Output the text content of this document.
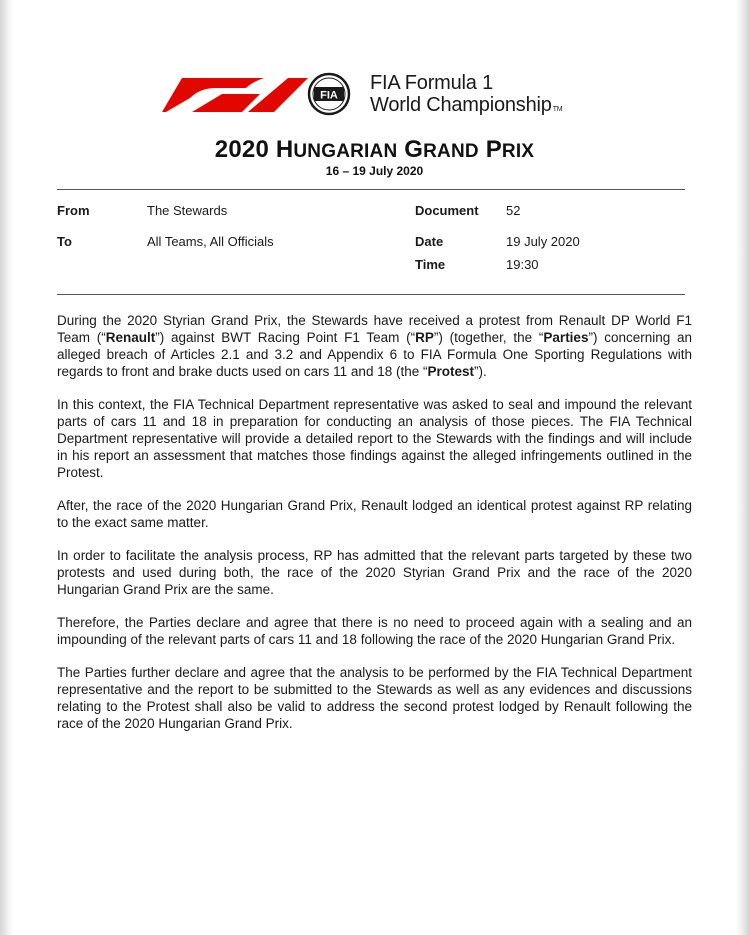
FIA
FIA Formula 1
World ChampionshipTM
2020 HUNGARIAN GRAND PRIX
16 – 19 July 2020
From	The Stewards	Document 52
To	All Teams, All Officials	Date	19 July 2020
Time	19:30

During the 2020 Styrian Grand Prix, the Stewards have received a protest from Renault DP World F1 Team (“Renault”) against BWT Racing Point F1 Team (“RP”) (together, the “Parties”) concerning an alleged breach of Articles 2.1 and 3.2 and Appendix 6 to FIA Formula One Sporting Regulations with regards to front and brake ducts used on cars 11 and 18 (the “Protest”).

In this context, the FIA Technical Department representative was asked to seal and impound the relevant parts of cars 11 and 18 in preparation for conducting an analysis of those pieces. The FIA Technical Department representative will provide a detailed report to the Stewards with the findings and will include in his report an assessment that matches those findings against the alleged infringements outlined in the Protest.

After, the race of the 2020 Hungarian Grand Prix, Renault lodged an identical protest against RP relating to the exact same matter.

In order to facilitate the analysis process, RP has admitted that the relevant parts targeted by these two protests and used during both, the race of the 2020 Styrian Grand Prix and the race of the 2020 Hungarian Grand Prix are the same.

Therefore, the Parties declare and agree that there is no need to proceed again with a sealing and an impounding of the relevant parts of cars 11 and 18 following the race of the 2020 Hungarian Grand Prix.

The Parties further declare and agree that the analysis to be performed by the FIA Technical Department representative and the report to be submitted to the Stewards as well as any evidences and discussions relating to the Protest shall also be valid to address the second protest lodged by Renault following the race of the 2020 Hungarian Grand Prix.
